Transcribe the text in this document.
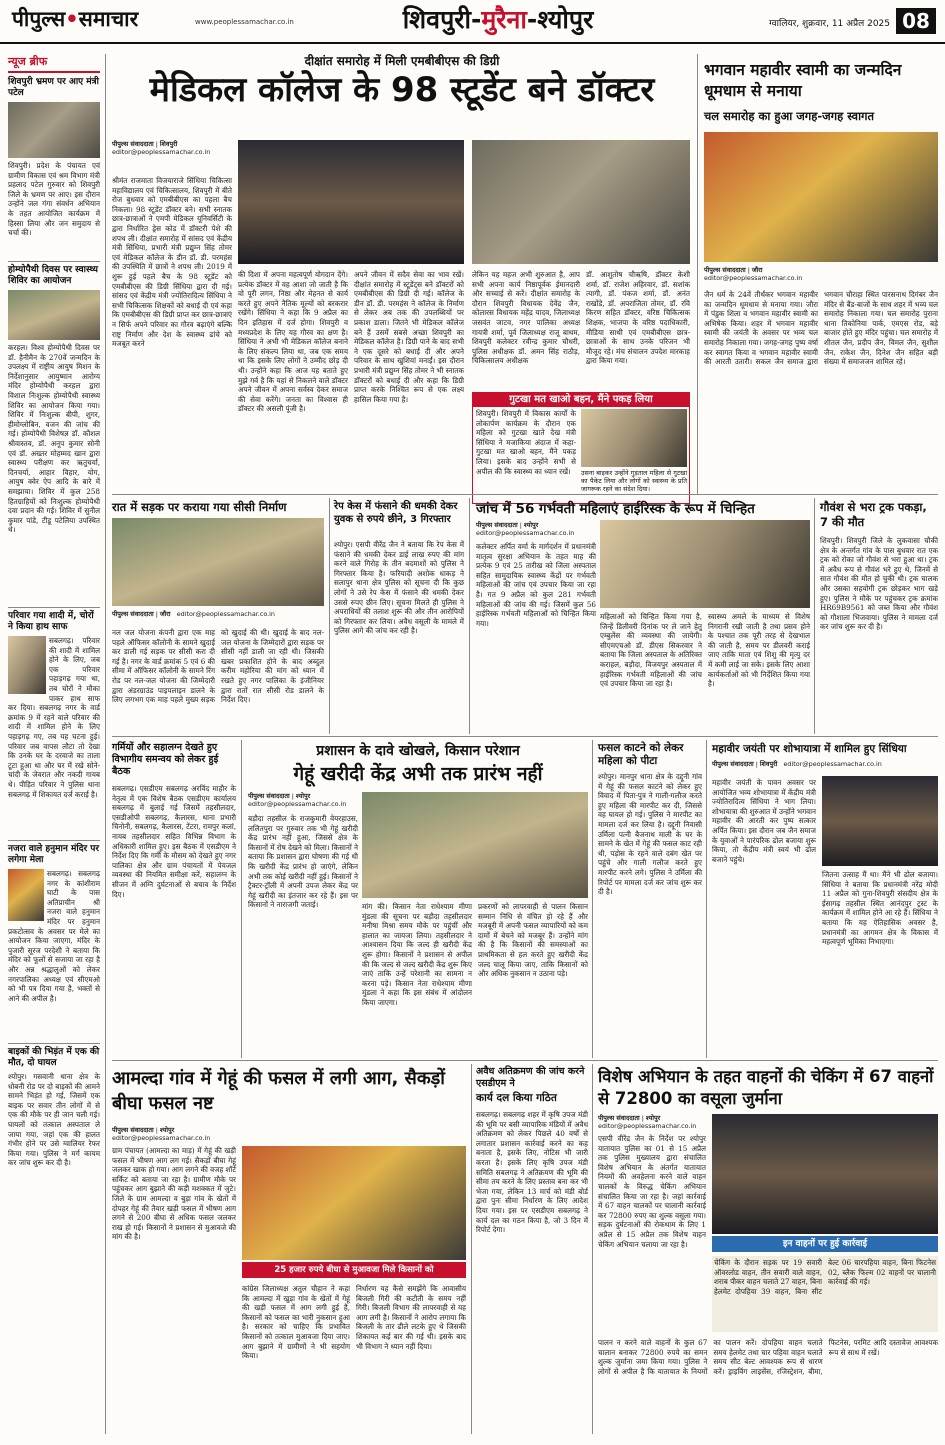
पीपुल्स•समाचार	www.peoplessamachar.co.in	शिवपुरी-मुरैना-श्योपुर	ग्वालियर, शुक्रवार, 11 अप्रैल 2025 08
न्यूज ब्रीफ
शिवपुरी भ्रमण पर आए मंत्री पटेल
शिवपुरी। प्रदेश के पंचायत एवं ग्रामीण विकास एवं श्रम विभाग मंत्री प्रहलाद पटेल गुरुवार को शिवपुरी जिले के भ्रमण पर आए। इस दौरान उन्होंने जल गंगा संवर्धन अभियान के तहत आयोजित कार्यक्रम में हिस्सा लिया और जन समुदाय से चर्चा की।
होम्योपैथी दिवस पर स्वास्थ्य शिविर का आयोजन
करहल। विश्व होम्योपैथी दिवस पर डॉ. हैनीमैन के 270वें जन्मदिन के उपलक्ष्य में राष्ट्रीय आयुष मिशन के निर्देशानुसार आयुष्मान आरोग्य मंदिर होम्योपैथी करहल द्वारा विशाल निःशुल्क होम्योपैथी स्वास्थ्य शिविर का आयोजन किया गया। शिविर में निःशुल्क बीपी, शुगर, हीमोग्लोबिन, वजन की जांच की गई। होम्योपैथी विशेषज्ञ डॉ. कौशल श्रीवास्तव, डॉ. अनूप कुमार सोनी एवं डॉ. अख्तर मोहम्मद खान द्वारा स्वास्थ्य परीक्षण कर ऋतुचर्या, दिनचर्या, आहार विहार, योग, आयुष क्वेर ऐप आदि के बारे में समझाया। शिविर में कुल 258 हितग्राहियों को निःशुल्क होम्योपैथी दवा प्रदान की गई। शिविर में सुनील कुमार पांडे, टीडू पटेलिया उपस्थित थे।
परिवार गया शादी में, चोरों ने किया हाथ साफ
सबलगढ़। परिवार की शादी में शामिल होने के लिए, जब एक परिवार पहाड़गढ़ गया था, तब चोरों ने मौका पाकर हाथ साफ कर दिया। सबलगढ़ नगर के वार्ड क्रमांक 9 में रहने वाले परिवार की शादी में शामिल होने के लिए पहाड़गढ़ गए, तब यह घटना हुई। परिवार जब वापस लौटा तो देखा कि उनके घर के दरवाजे का ताला टूटा हुआ था और घर में रखे सोने-चांदी के जेवरात और नकदी गायब थे। पीड़ित परिवार ने पुलिस थाना सबलगढ़ में शिकायत दर्ज कराई है।
नजरा वाले हनुमान मंदिर पर लगेगा मेला
सबलगढ़। सबलगढ़ नगर के कांशीराम घाटी के पास अतिप्राचीन श्री नजरा वाले हनुमान मंदिर पर हनुमान प्रकटोत्सव के अवसर पर मेले का आयोजन किया जाएगा, मंदिर के पुजारी सूरज परदेशी ने बताया कि मंदिर को फूलों से सजाया जा रहा है और अन्न श्रद्धालुओं को लेकर नगरपालिका अध्यक्ष एवं सीएमओ को भी पत्र दिया गया है, भक्तों से आने की अपील है।
बाइकों की भिड़ंत में एक की मौत, दो घायल
श्योपुर। गसवानी थाना क्षेत्र के धोबनी रोड पर दो बाइकों की आमने सामने भिड़ंत हो गई, जिसमें एक बाइक पर सवार तीन लोगों में से एक की मौके पर ही जान चली गई। घायलों को तत्काल अस्पताल ले जाया गया, जहां एक की हालत गंभीर होने पर उसे ग्वालियर रेफर किया गया। पुलिस ने मर्ग कायम कर जांच शुरू कर दी है।
दीक्षांत समारोह में मिली एमबीबीएस की डिग्री
मेडिकल कॉलेज के 98 स्टूडेंट बने डॉक्टर
पीपुल्स संवाददाता | शिवपुरी
editor@peoplessamachar.co.in
श्रीमंत राजमाता विजयाराजे सिंधिया चिकित्सा महाविद्यालय एवं चिकित्सालय, शिवपुरी में बीते रोज बुधवार को एमबीबीएस का पहला बैच निकला। 98 स्टूडेंट डॉक्टर बने। सभी स्नातक छात्र-छात्राओं ने एमपी मेडिकल यूनिवर्सिटी के द्वारा निर्धारित ड्रेस कोड में डॉक्टरी पेशे की शपथ ली। दीक्षांत समारोह में सांसद एवं केंद्रीय मंत्री सिंधिया, प्रभारी मंत्री प्रद्युम्न सिंह तोमर एवं मेडिकल कॉलेज के डीन डॉ. डी. परमहंस की उपस्थिति में छात्रों ने शपथ ली। 2019 में शुरू हुई पहले बैच के 98 स्टूडेंट को एमबीबीएस की डिग्री सिंधिया द्वारा दी गई। सांसद एवं केंद्रीय मंत्री ज्योतिरादित्य सिंधिया ने सभी चिकित्सक शिक्षकों को बधाई दी एवं कहा कि एमबीबीएस की डिग्री प्राप्त कर छात्र-छात्राएं न सिर्फ अपने परिवार का गौरव बढ़ाएंगे बल्कि राष्ट्र निर्माण और देश के स्वास्थ्य ढांचे को मजबूत करने
की दिशा में अपना महत्वपूर्ण योगदान देंगे। प्रत्येक डॉक्टर में वह आशा जो जाती है कि वो पूरी लगन, निष्ठा और मेहनत से कार्य करते हुए अपने नैतिक मूल्यों को बरकरार रखेंगे। सिंधिया ने कहा कि 9 अप्रैल का दिन इतिहास में दर्ज होगा। शिवपुरी व मध्यप्रदेश के लिए यह गौरव का क्षण है। सिंधिया ने अभी भी मेडिकल कॉलेज बनाने के लिए संकल्प लिया था, जब एक समय था कि इसके लिए लोगों ने उम्मीद छोड़ दी थी। उन्होंने कहा कि आज यह बताते हुए मुझे गर्व है कि यहां से निकलने वाले डॉक्टर अपने जीवन में अपना सर्वस्व देकर समाज की सेवा करेंगे। जनता का विश्वास ही डॉक्टर की असली पूंजी है।
अपने जीवन में सदैव सेवा का भाव रखें। दीक्षांत समारोह में स्टूडेंट्स बने डॉक्टरों को एमबीबीएस की डिग्री दी गई। कॉलेज के डीन डॉ. डी. परमहंस ने कॉलेज के निर्माण से लेकर अब तक की उपलब्धियों पर प्रकाश डाला। जितने भी मेडिकल कॉलेज बने हैं उसमें सबसे अच्छा शिवपुरी का मेडिकल कॉलेज है। डिग्री पाने के बाद सभी ने एक दूसरे को बधाई दी और अपने परिवार के साथ खुशियां मनाईं। इस दौरान प्रभारी मंत्री प्रद्युम्न सिंह तोमर ने भी स्नातक डॉक्टरों को बधाई दी और कहा कि डिग्री प्राप्त करके निश्चित रूप से एक लक्ष्य हासिल किया गया है।
लेकिन यह महज अभी शुरुआत है, आप सभी अपना कार्य निष्ठापूर्वक ईमानदारी और सच्चाई से करें। दीक्षांत समारोह के दौरान शिवपुरी विधायक देवेंद्र जैन, कोलारस विधायक महेंद्र यादव, जिलाध्यक्ष जसवंत जाटव, नगर पालिका अध्यक्ष गायत्री शर्मा, पूर्व जिलाध्यक्ष राजू बाथम, शिवपुरी कलेक्टर रवीन्द्र कुमार चौधरी, पुलिस अधीक्षक डॉ. अमन सिंह राठौड़, चिकित्सालय अधीक्षक
डॉ. आशुतोष चौऋषि, डॉक्टर केशी शर्मा, डॉ. राजेश अहिरवार, डॉ. सशांक त्यागी, डॉ. पंकज शर्मा, डॉ. अनंत राखोंडे, डॉ. अपराजिता तोमर, डॉ. रवि किरण सहित डॉक्टर, वरिष्ठ चिकित्सक शिक्षक, भाजपा के वरिष्ठ पदाधिकारी, मीडिया साथी एवं एमबीबीएस छात्र-छात्राओं के साथ उनके परिजन भी मौजूद रहे। मंच संचालन उपदेश मारकाह द्वारा किया गया।
गुटखा मत खाओ बहन, मैंने पकड़ लिया
शिवपुरी। शिवपुरी में विकास कार्यों के लोकार्पण कार्यक्रम के दौरान एक महिला को गुटखा खाते देख मंत्री सिंधिया ने मजाकिया अंदाज में कहा- गुटखा मत खाओ बहन, मैंने पकड़ लिया। इसके बाद उन्होंने सभी से अपील की कि स्वास्थ्य का ध्यान रखें।	उसना बाइकर उन्होंने गुड़ताल महिला से गुटखा का पैकेट लिया और लोगों को स्वास्थ्य के प्रति जागरूक रहने का संदेश दिया।
भगवान महावीर स्वामी का जन्मदिन धूमधाम से मनाया
चल समारोह का हुआ जगह-जगह स्वागत
पीपुल्स संवाददाता | जौरा
editor@peoplessamachar.co.in
जैन धर्म के 24वें तीर्थंकर भगवान महावीर का जन्मदिन धूमधाम से मनाया गया। जौरा में पंडुक शिला व भगवान महावीर स्वामी का अभिषेक किया। शहर में भगवान महावीर स्वामी की जयंती के अवसर पर भव्य चल समारोह निकाला गया। जगह-जगह पुष्प वर्षा कर स्वागत किया व भगवान महावीर स्वामी की आरती उतारी। सकल जैन समाज द्वारा भगवान चौराहा स्थित पारसनाथ दिगंबर जैन मंदिर से बैंड-बाजों के साथ शहर में भव्य चल समारोह निकाला गया। चल समारोह पुराना थाना तिकोनिया पार्क, एमएस रोड, बड़े बाजार होते हुए मंदिर पहुंचा। चल समारोह में शीतल जैन, प्रदीप जैन, विमल जैन, सुशील जैन, राकेश जैन, दिनेश जैन सहित बड़ी संख्या में समाजजन शामिल रहे।
रात में सड़क पर कराया गया सीसी निर्माण
पीपुल्स संवाददाता | जौरा editor@peoplessamachar.co.in
नल जल योजना कंपनी द्वारा एक माह पहले ऑफिसर कॉलोनी के सामने खुदाई कर डाली गई सड़क पर सीसी करा दी गई है। नगर के वार्ड क्रमांक 5 एवं 6 की सीमा में ऑफिसर कॉलोनी के सामने रिंग रोड पर नल-जल योजना की जिम्मेदारी द्वारा अंडरग्राउंड पाइपलाइन डालने के लिए लगभग एक माह पहले मुख्य सड़क को खुदाई की थी। खुदाई के बाद नल-जल योजना के जिम्मेदारों द्वारा सड़क पर सीसी नहीं डाली जा रही थी। जिसकी खबर प्रकाशित होने के बाद अब्दुल करीम महोरिया की मांग को ध्यान में रखते हुए नगर पालिका के इंजीनियर द्वारा रातों रात सीसी रोड डालने के निर्देश दिए।
रेप केस में फंसाने की धमकी देकर युवक से रुपये छीने, 3 गिरफ्तार
श्योपुर। एसपी वीरेंद्र जैन ने बताया कि रेप केस में फंसाने की धमकी देकर डाई लाख रुपए की मांग करने वाले गिरोह के तीन बदमाशों को पुलिस ने गिरफ्तार किया है। फरियादी अशोक धाकड़ ने सलापुर थाना क्षेत्र पुलिस को सूचना दी कि कुछ लोगों ने उसे रेप केस में फंसाने की धमकी देकर उससे रुपए छीन लिए। सूचना मिलते ही पुलिस ने अपराधियों की तलाश शुरू की और तीन आरोपियों को गिरफ्तार कर लिया। अवैध वसूली के मामले में पुलिस आगे की जांच कर रही है।
जांच में 56 गर्भवती महिलाएं हाईरिस्क के रूप में चिन्हित
पीपुल्स संवाददाता | श्योपुर
editor@peoplessamachar.co.in
कलेक्टर अर्पित वर्मा के मार्गदर्शन में प्रधानमंत्री मातृत्व सुरक्षा अभियान के तहत माह की प्रत्येक 9 एवं 25 तारीख को जिला अस्पताल सहित सामुदायिक स्वास्थ्य केंद्रों पर गर्भवती महिलाओं की जांच एवं उपचार किया जा रहा है। गत 9 अप्रैल को कुल 281 गर्भवती महिलाओं की जांच की गई। जिसमें कुल 56 हाईरिस्क गर्भवती महिलाओं को चिन्हित किया गया।
महिलाओं को चिन्हित किया गया है, जिन्हें डिलीवरी दिनांक पर ले जाने हेतु एम्बुलेंस की व्यवस्था की जायेगी। सीएमएचओ डॉ. डीएस सिकरवार ने बताया कि जिला अस्पताल के अतिरिक्त कराहल, बड़ौदा, विजयपुर अस्पताल में हाईरिस्क गर्भवती महिलाओं की जांच एवं उपचार किया जा रहा है।
स्वास्थ्य अमले के माध्यम से विशेष निगरानी रखी जाती है तथा प्रसव होने के पश्चात तक पूरी तरह से देखभाल की जाती है, समय पर डीलवरी कराई जाए ताकि माता एवं शिशु की मृत्यु दर में कमी लाई जा सके। इसके लिए आशा कार्यकर्ताओं को भी निर्देशित किया गया है।
गौवंश से भरा ट्रक पकड़ा, 7 की मौत
शिवपुरी। शिवपुरी जिले के लुकवासा चौकी क्षेत्र के अन्तर्गत गांव के पास बुधवार रात एक ट्रक को रोका जो गौवंश से भरा हुआ था। ट्रक में अवैध रूप से गौवंश भरे हुए थे, जिनमें से सात गौवंश की मौत हो चुकी थी। ट्रक चालक और उसका सहयोगी ट्रक छोड़कर भाग खड़े हुए। पुलिस ने मौके पर पहुंचकर ट्रक क्रमांक HR69B9561 को जब्त किया और गौवंश को गौशाला भिजवाया। पुलिस ने मामला दर्ज कर जांच शुरू कर दी है।
गर्मियों और सहालग्न देखते हुए विभागीय समन्वय को लेकर हुई बैठक
सबलगढ़। एसडीएम सबलगढ़ अरविंद माहौर के नेतृत्व में एक विशेष बैठक एसडीएम कार्यालय सबलगढ़ में बुलाई गई जिसमें तहसीलदार, एसडीओपी सबलगढ़, कैलारस, थाना प्रभारी चिनोनी, सबलगढ़, कैलारस, टेंटरा, रामपुर कलां, नायब तहसीलदार सहित विभिन्न विभाग के अधिकारी शामिल हुए। इस बैठक में एसडीएम ने निर्देश दिए कि गर्मी के मौसम को देखते हुए नगर पालिका क्षेत्र और ग्राम पंचायतों में पेयजल व्यवस्था की नियमित समीक्षा करें, सहालग्न के सीजन में अग्नि दुर्घटनाओं से बचाव के निर्देश दिए।
प्रशासन के दावे खोखले, किसान परेशान
गेहूं खरीदी केंद्र अभी तक प्रारंभ नहीं
पीपुल्स संवाददाता | श्योपुर
editor@peoplessamachar.co.in
बड़ौदा तहसील के राजकुमारी वेयरहाउस, ललितपुरा पर गुरुवार तक भी गेहूं खरीदी केंद्र प्रारंभ नहीं हुआ, जिससे क्षेत्र के किसानों में रोष देखने को मिला। किसानों ने बताया कि प्रशासन द्वारा घोषणा की गई थी कि खरीदी केंद्र प्रारंभ हो जाएंगे, लेकिन अभी तक कोई खरीदी नहीं हुई। किसानों ने ट्रैक्टर-ट्रॉली में अपनी उपज लेकर केंद्र पर गेहूं खरीदी का इंतजार कर रहे हैं। इस पर किसानों ने नाराजगी जताई।	मांग की। किसान नेता राधेश्याम मीणा मुंडला की सूचना पर बड़ौदा तहसीलदार मनीषा मिश्रा समय मौके पर पहुंचीं और हालात का जायजा लिया। तहसीलदार ने आश्वासन दिया कि जल्द ही खरीदी केंद्र शुरू होगा। किसानों ने प्रशासन से अपील की कि जल्द से जल्द खरीदी केंद्र शुरू किए जाएं ताकि उन्हें परेशानी का सामना न करना पड़े। किसान नेता राधेश्याम मीणा मुंडला ने कहा कि इस संबंध में आंदोलन किया जाएगा।
प्रकरणों को लापरवाही से पालन किसान सम्मान निधि से वंचित हो रहे हैं और मजबूरी में अपनी फसल व्यापारियों को कम दामों में बेचने को मजबूर हैं। उन्होंने मांग की है कि किसानों की समस्याओं का प्राथमिकता से हल करते हुए खरीदी केंद्र जल्द चालू किया जाए, ताकि किसानों को और अधिक नुकसान न उठाना पड़े।
फसल काटने को लेकर महिला को पीटा
श्योपुर। मानपुर थाना क्षेत्र के दद्दूनी गांव में गेहूं की फसल काटने को लेकर हुए विवाद में पिता-पुत्र ने गाली-गलौज करते हुए महिला की मारपीट कर दी, जिससे वह घायल हो गई। पुलिस ने मारपीट का मामला दर्ज कर लिया है। दद्दूनी निवासी उर्मिला पत्नी बैजनाथ माली के घर के सामने के खेत में गेहूं की फसल काट रही थी, पड़ोस के रहने वाले दबंग खेत पर पहुंचे और गाली गलौज करते हुए मारपीट करने लगे। पुलिस ने उर्मिला की रिपोर्ट पर मामला दर्ज कर जांच शुरू कर दी है।
महावीर जयंती पर शोभायात्रा में शामिल हुए सिंधिया
पीपुल्स संवाददाता | शिवपुरी editor@peoplessamachar.co.in
महावीर जयंती के पावन अवसर पर आयोजित भव्य शोभायात्रा में केंद्रीय मंत्री ज्योतिरादित्य सिंधिया ने भाग लिया। शोभायात्रा की शुरुआत में उन्होंने भगवान महावीर की आरती कर पुष्प सत्कार अर्पित किया। इस दौरान जब जैन समाज के युवाओं ने पारंपरिक ढोल बजाया शुरू किया, तो केंद्रीय मंत्री स्वयं भी ढोल बजाने पहुंचे।
जितना उत्साह मैं था। मैंने भी ढोल बजाया। सिंधिया ने बताया कि प्रधानमंत्री नरेंद्र मोदी 11 अप्रैल को गुना-शिवपुरी संसदीय क्षेत्र के ईसागढ़ तहसील स्थित आनंदपुर ट्रस्ट के कार्यक्रम में शामिल होने आ रहे हैं। सिंधिया ने बताया कि यह ऐतिहासिक अवसर है, प्रधानमंत्री का आगमन क्षेत्र के विकास में महत्वपूर्ण भूमिका निभाएगा।
आमल्दा गांव में गेहूं की फसल में लगी आग, सैकड़ों बीघा फसल नष्ट
पीपुल्स संवाददाता | श्योपुर
editor@peoplessamachar.co.in
ग्राम पंचायत (आमल्दा का माड़) में गेहूं की खड़ी फसल में भीषण आग लग गई। सैकड़ों बीघा गेहूं जलकर खाक हो गया। आग लगने की वजह शॉर्ट सर्किट को बताया जा रहा है। ग्रामीण मौके पर पहुंचकर आग बुझाने की कड़ी मशक्कत में जुटे। जिले के ग्राम आमल्दा व बुड़ा गांव के खेतों में दोपहर गेहूं की तैयार खड़ी फसल में भीषण आग लगने से 200 बीघा से अधिक फसल जलकर राख हो गई। किसानों ने प्रशासन से मुआवजे की मांग की है।
25 हजार रुपये बीघा से मुआवजा मिले किसानों को
कांग्रेस जिलाध्यक्ष अतुल चौहान ने कहा कि आमल्दा में खुड़ा गांव के खेतों में गेहूं की खड़ी फसल में आग लगी हुई है, किसानों को फसल का भारी नुकसान हुआ है। सरकार को चाहिए कि प्रभावित किसानों को तत्काल मुआवजा दिया जाए। आग बुझाने में ग्रामीणों ने भी सहयोग किया।
निर्धारण यह कैसे समझेंगे कि आवासीय बिजली गिरी की कटौती के समय नहीं गिरी। बिजली विभाग की लापरवाही से यह आग लगी है। किसानों ने आरोप लगाया कि बिजली के तार ढीले लटके हुए थे जिसकी शिकायत कई बार की गई थी। इसके बाद भी विभाग ने ध्यान नहीं दिया।
अवैध अतिक्रमण की जांच करने एसडीएम ने
कार्य दल किया गठित
सबलगढ़। सबलगढ़ शहर में कृषि उपज मंडी की भूमि पर बसी व्यापारिक मंडियों में अवैध अतिक्रमण को लेकर पिछले 40 वर्षों से लगातार प्रशासन कार्रवाई करने का कह बनाता है, इसके लिए, नोटिस भी जारी करता है। इसके लिए कृषि उपज मंडी समिति सबलगढ़ ने अतिक्रमण की भूमि की सीमा तय करने के लिए प्रस्ताव बना कर भी भेजा गया, लेकिन 13 मार्च को मंडी बोर्ड द्वारा पुनः सीमा निर्धारण के लिए आदेश दिया गया। इस पर एसडीएम सबलगढ़ ने कार्य दल का गठन किया है, जो 3 दिन में रिपोर्ट देगा।
विशेष अभियान के तहत वाहनों की चेकिंग में 67 वाहनों से 72800 का वसूला जुर्माना
पीपुल्स संवाददाता | श्योपुर
editor@peoplessamachar.co.in
एसपी वीरेंद्र जैन के निर्देश पर श्योपुर यातायात पुलिस का 01 से 15 अप्रैल तक पुलिस मुख्यालय द्वारा संचालित विशेष अभियान के अंतर्गत यातायात नियमों की अवहेलना करने वाले वाहन चालकों के विरुद्ध चेकिंग अभियान संचालित किया जा रहा है। जहां कार्रवाई में 67 वाहन चालकों पर चालानी कार्रवाई कर 72800 रुपए का शुल्क वसूला गया। सड़क दुर्घटनाओं की रोकथाम के लिए 1 अप्रैल से 15 अप्रैल तक विशेष वाहन चेकिंग अभियान चलाया जा रहा है।	इन वाहनों पर हुई कार्रवाई
चेकिंग के दौरान सड़क पर 19 सवारी ऑवरलोड वाहन, तीन सवारी वाले वाहन, शराब पीकर वाहन चलाते 27 वाहन, बिना हेलमेट दोपहिया 39 वाहन, बिना सीट बेल्ट 06 चारपहिया वाहन, बिना फिटनेस 02, ब्लैक फिल्म 02 वाहनों पर चालानी कार्रवाई की गई।
पालन न करने वाले वाहनों के कुल 67 चालान बनाकर 72800 रुपये का समन शुल्क जुर्माना जमा किया गया। पुलिस ने लोगों से अपील है कि यातायात के नियमों का पालन करें। दोपहिया वाहन चलाते समय हेलमेट तथा चार पहिया वाहन चलाते समय सीट बेल्ट आवश्यक रूप से धारण करें। ड्राइविंग लाइसेंस, रजिस्ट्रेशन, बीमा, फिटनेस, परमिट आदि दस्तावेज आवश्यक रूप से साथ में रखें।
